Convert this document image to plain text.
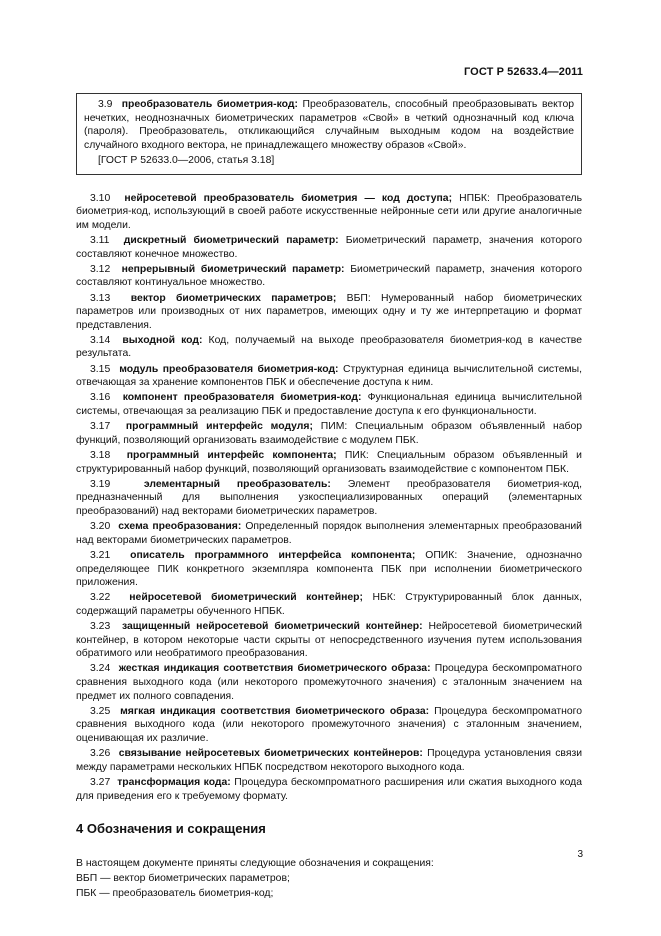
ГОСТ Р 52633.4—2011
3.9 преобразователь биометрия-код: Преобразователь, способный преобразовывать вектор нечетких, неоднозначных биометрических параметров «Свой» в четкий однозначный код ключа (пароля). Преобразователь, откликающийся случайным выходным кодом на воздействие случайного входного вектора, не принадлежащего множеству образов «Свой».
[ГОСТ Р 52633.0—2006, статья 3.18]

3.10 нейросетевой преобразователь биометрия — код доступа; НПБК: Преобразователь биометрия-код, использующий в своей работе искусственные нейронные сети или другие аналогичные им модели.

3.11 дискретный биометрический параметр: Биометрический параметр, значения которого составляют конечное множество.

3.12 непрерывный биометрический параметр: Биометрический параметр, значения которого составляют континуальное множество.

3.13 вектор биометрических параметров; ВБП: Нумерованный набор биометрических параметров или производных от них параметров, имеющих одну и ту же интерпретацию и формат представления.

3.14 выходной код: Код, получаемый на выходе преобразователя биометрия-код в качестве результата.

3.15 модуль преобразователя биометрия-код: Структурная единица вычислительной системы, отвечающая за хранение компонентов ПБК и обеспечение доступа к ним.

3.16 компонент преобразователя биометрия-код: Функциональная единица вычислительной системы, отвечающая за реализацию ПБК и предоставление доступа к его функциональности.

3.17 программный интерфейс модуля; ПИМ: Специальным образом объявленный набор функций, позволяющий организовать взаимодействие с модулем ПБК.

3.18 программный интерфейс компонента; ПИК: Специальным образом объявленный и структурированный набор функций, позволяющий организовать взаимодействие с компонентом ПБК.

3.19	элементарный преобразователь: Элемент преобразователя биометрия-код, предназначенный для выполнения узкоспециализированных операций (элементарных преобразований) над векторами биометрических параметров.

3.20 схема преобразования: Определенный порядок выполнения элементарных преобразований над векторами биометрических параметров.

3.21 описатель программного интерфейса компонента; ОПИК: Значение, однозначно определяющее ПИК конкретного экземпляра компонента ПБК при исполнении биометрического приложения.

3.22 нейросетевой биометрический контейнер; НБК: Структурированный блок данных, содержащий параметры обученного НПБК.

3.23 защищенный нейросетевой биометрический контейнер: Нейросетевой биометрический контейнер, в котором некоторые части скрыты от непосредственного изучения путем использования обратимого или необратимого преобразования.

3.24 жесткая индикация соответствия биометрического образа: Процедура бескомпроматного сравнения выходного кода (или некоторого промежуточного значения) с эталонным значением на предмет их полного совпадения.

3.25 мягкая индикация соответствия биометрического образа: Процедура бескомпроматного сравнения выходного кода (или некоторого промежуточного значения) с эталонным значением, оценивающая их различие.

3.26 связывание нейросетевых биометрических контейнеров: Процедура установления связи между параметрами нескольких НПБК посредством некоторого выходного кода.

3.27 трансформация кода: Процедура бескомпроматного расширения или сжатия выходного кода для приведения его к требуемому формату.

4 Обозначения и сокращения

В настоящем документе приняты следующие обозначения и сокращения:

ВБП — вектор биометрических параметров;

ПБК — преобразователь биометрия-код;

3
